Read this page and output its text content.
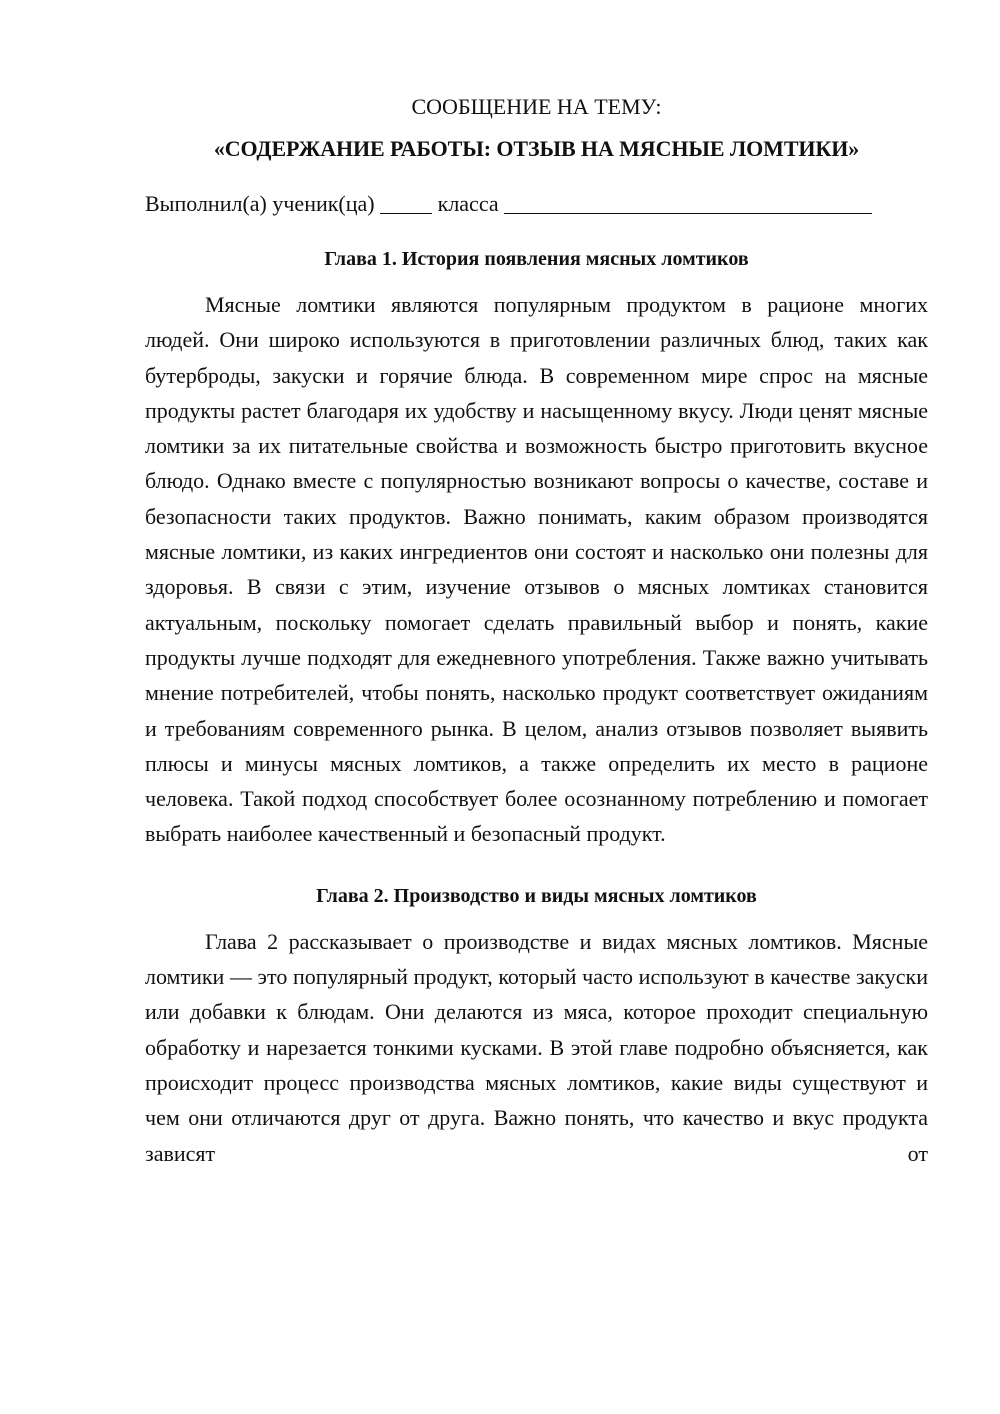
СООБЩЕНИЕ НА ТЕМУ:

«СОДЕРЖАНИЕ РАБОТЫ: ОТЗЫВ НА МЯСНЫЕ ЛОМТИКИ»

Выполнил(а) ученик(ца)	класса

Глава 1. История появления мясных ломтиков

Мясные ломтики являются популярным продуктом в рационе многих людей. Они широко используются в приготовлении различных блюд, таких как бутерброды, закуски и горячие блюда. В современном мире спрос на мясные продукты растет благодаря их удобству и насыщенному вкусу. Люди ценят мясные ломтики за их питательные свойства и возможность быстро приготовить вкусное блюдо. Однако вместе с популярностью возникают вопросы о качестве, составе и безопасности таких продуктов. Важно понимать, каким образом производятся мясные ломтики, из каких ингредиентов они состоят и насколько они полезны для здоровья. В связи с этим, изучение отзывов о мясных ломтиках становится актуальным, поскольку помогает сделать правильный выбор и понять, какие продукты лучше подходят для ежедневного употребления. Также важно учитывать мнение потребителей, чтобы понять, насколько продукт соответствует ожиданиям и требованиям современного рынка. В целом, анализ отзывов позволяет выявить плюсы и минусы мясных ломтиков, а также определить их место в рационе человека. Такой подход способствует более осознанному потреблению и помогает выбрать наиболее качественный и безопасный продукт.

Глава 2. Производство и виды мясных ломтиков

Глава 2 рассказывает о производстве и видах мясных ломтиков. Мясные ломтики — это популярный продукт, который часто используют в качестве закуски или добавки к блюдам. Они делаются из мяса, которое проходит специальную обработку и нарезается тонкими кусками. В этой главе подробно объясняется, как происходит процесс производства мясных ломтиков, какие виды существуют и чем они отличаются друг от друга. Важно понять, что качество и вкус продукта зависят от
